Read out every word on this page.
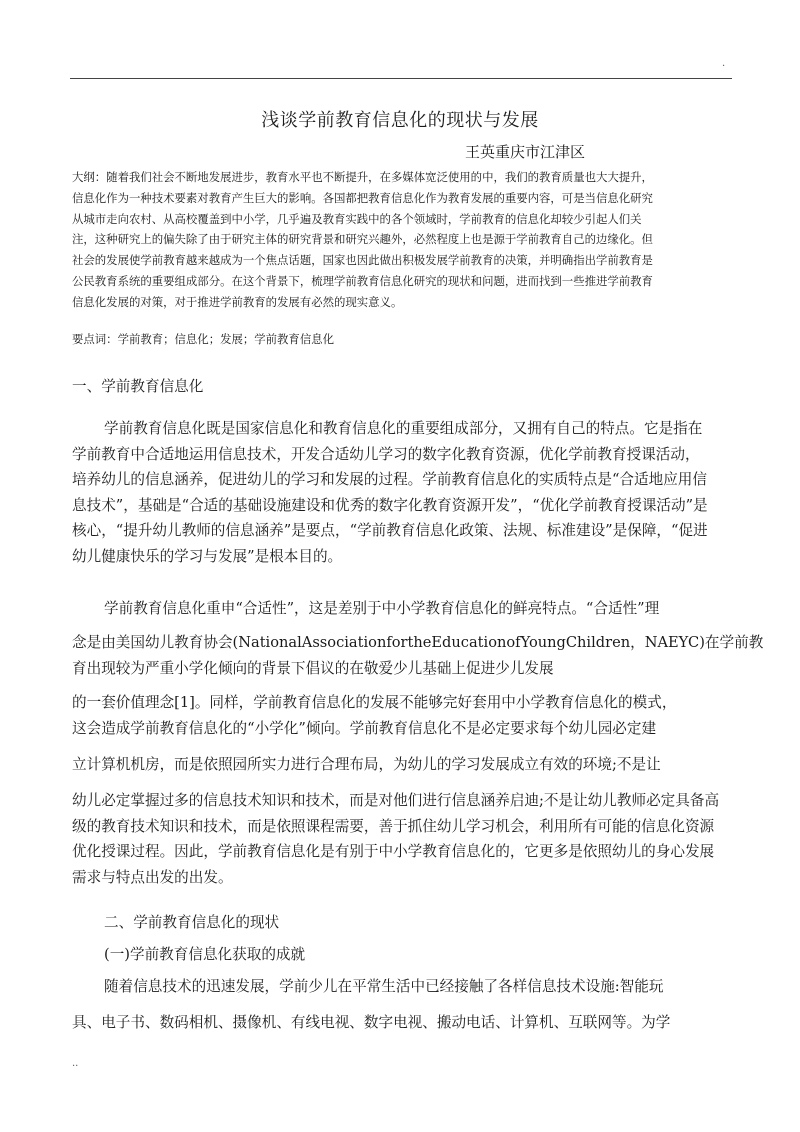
.
浅谈学前教育信息化的现状与发展
王英重庆市江津区
大纲：随着我们社会不断地发展进步，教育水平也不断提升，在多媒体宽泛使用的中，我们的教育质量也大大提升，信息化作为一种技术要素对教育产生巨大的影响。各国都把教育信息化作为教育发展的重要内容，可是当信息化研究从城市走向农村、从高校覆盖到中小学，几乎遍及教育实践中的各个领域时，学前教育的信息化却较少引起人们关注，这种研究上的偏失除了由于研究主体的研究背景和研究兴趣外，必然程度上也是源于学前教育自己的边缘化。但社会的发展使学前教育越来越成为一个焦点话题，国家也因此做出积极发展学前教育的决策，并明确指出学前教育是公民教育系统的重要组成部分。在这个背景下，梳理学前教育信息化研究的现状和问题，进而找到一些推进学前教育信息化发展的对策，对于推进学前教育的发展有必然的现实意义。
要点词：学前教育；信息化；发展；学前教育信息化
一、学前教育信息化
学前教育信息化既是国家信息化和教育信息化的重要组成部分，又拥有自己的特点。它是指在学前教育中合适地运用信息技术，开发合适幼儿学习的数字化教育资源，优化学前教育授课活动，培养幼儿的信息涵养，促进幼儿的学习和发展的过程。学前教育信息化的实质特点是“合适地应用信息技术”，基础是“合适的基础设施建设和优秀的数字化教育资源开发”，“优化学前教育授课活动”是核心，“提升幼儿教师的信息涵养”是要点，“学前教育信息化政策、法规、标准建设”是保障，“促进幼儿健康快乐的学习与发展”是根本目的。
学前教育信息化重申“合适性”，这是差别于中小学教育信息化的鲜亮特点。“合适性”理
念是由美国幼儿教育协会(NationalAssociationfortheEducationofYoungChildren，NAEYC)在学前教
育出现较为严重小学化倾向的背景下倡议的在敬爱少儿基础上促进少儿发展
的一套价值理念[1]。同样，学前教育信息化的发展不能够完好套用中小学教育信息化的模式，
这会造成学前教育信息化的“小学化”倾向。学前教育信息化不是必定要求每个幼儿园必定建
立计算机机房，而是依照园所实力进行合理布局，为幼儿的学习发展成立有效的环境;不是让
幼儿必定掌握过多的信息技术知识和技术，而是对他们进行信息涵养启迪;不是让幼儿教师必定具备高级的教育技术知识和技术，而是依照课程需要，善于抓住幼儿学习机会，利用所有可能的信息化资源优化授课过程。因此，学前教育信息化是有别于中小学教育信息化的，它更多是依照幼儿的身心发展需求与特点出发的出发。
二、学前教育信息化的现状
(一)学前教育信息化获取的成就
随着信息技术的迅速发展，学前少儿在平常生活中已经接触了各样信息技术设施:智能玩
具、电子书、数码相机、摄像机、有线电视、数字电视、搬动电话、计算机、互联网等。为学
..
